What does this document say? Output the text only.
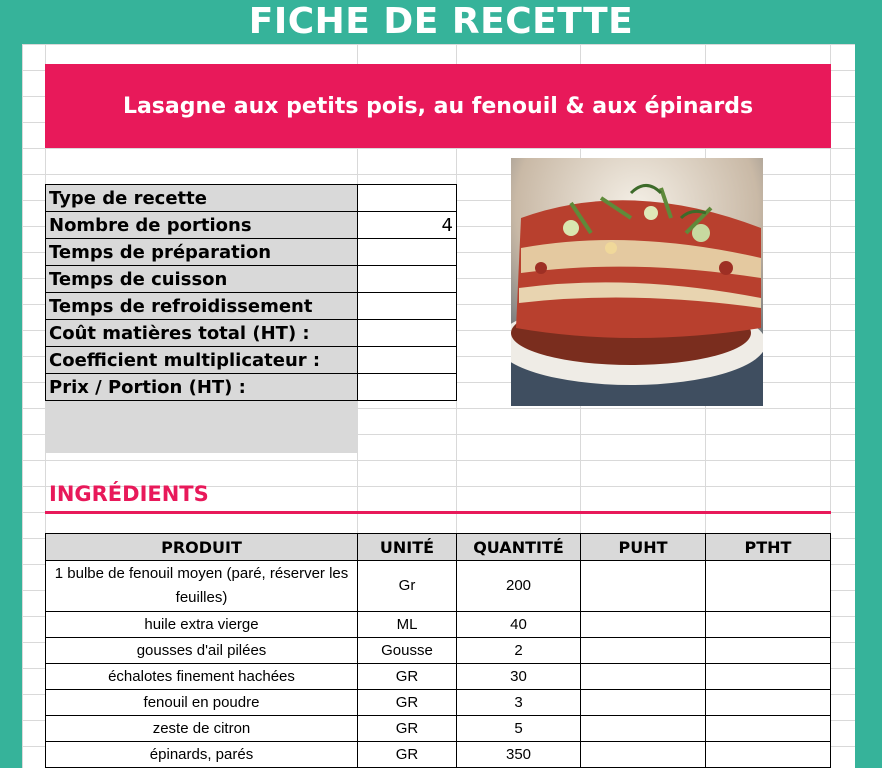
FICHE DE RECETTE
Lasagne aux petits pois, au fenouil & aux épinards
Type de recette	
Nombre de portions	4
Temps de préparation	
Temps de cuisson	
Temps de refroidissement	
Coût matières total (HT) :	
Coefficient multiplicateur :	
Prix / Portion (HT) :	
INGRÉDIENTS
PRODUIT	UNITÉ	QUANTITÉ	PUHT	PTHT
1 bulbe de fenouil moyen (paré, réserver les feuilles)	Gr	200		
huile extra vierge	ML	40		
gousses d'ail pilées	Gousse	2		
échalotes finement hachées	GR	30		
fenouil en poudre	GR	3		
zeste de citron	GR	5		
épinards, parés	GR	350		
